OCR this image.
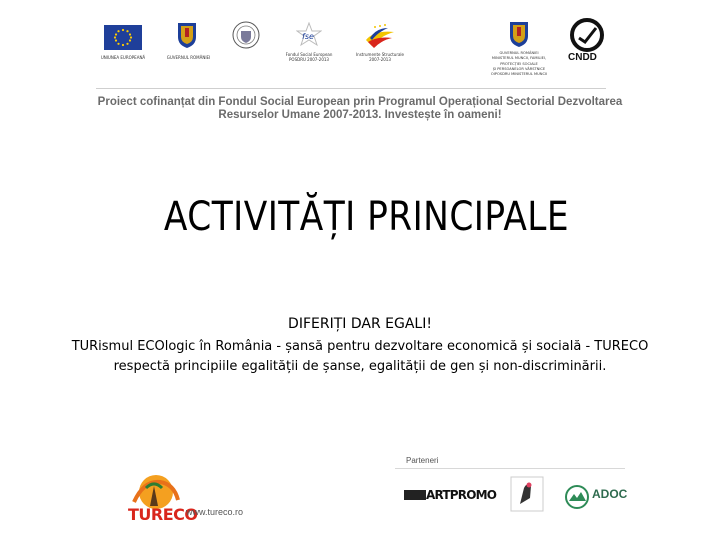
UNIUNEA EUROPEANĂ	GUVERNUL ROMÂNIEI
fse
Fondul Social European
POSDRU 2007-2013
Instrumente Structurale
2007-2013
GUVERNUL ROMÂNIEI
MINISTERUL MUNCII, FAMILIEI,
PROTECȚIEI SOCIALE
ȘI PERSOANELOR VÂRSTNICE
OIPOSDRU MINISTERUL MUNCII
CNDD
Proiect cofinanțat din Fondul Social European prin Programul Operațional Sectorial Dezvoltarea
Resurselor Umane 2007-2013. Investește în oameni!
ACTIVITĂȚI PRINCIPALE
DIFERIȚI DAR EGALI!
TURismul ECOlogic în România - șansă pentru dezvoltare economică și socială - TURECO
respectă principiile egalității de șanse, egalității de gen și non-discriminării.
TURECO
www.tureco.ro
Parteneri
ARTPROMO	ADOC
